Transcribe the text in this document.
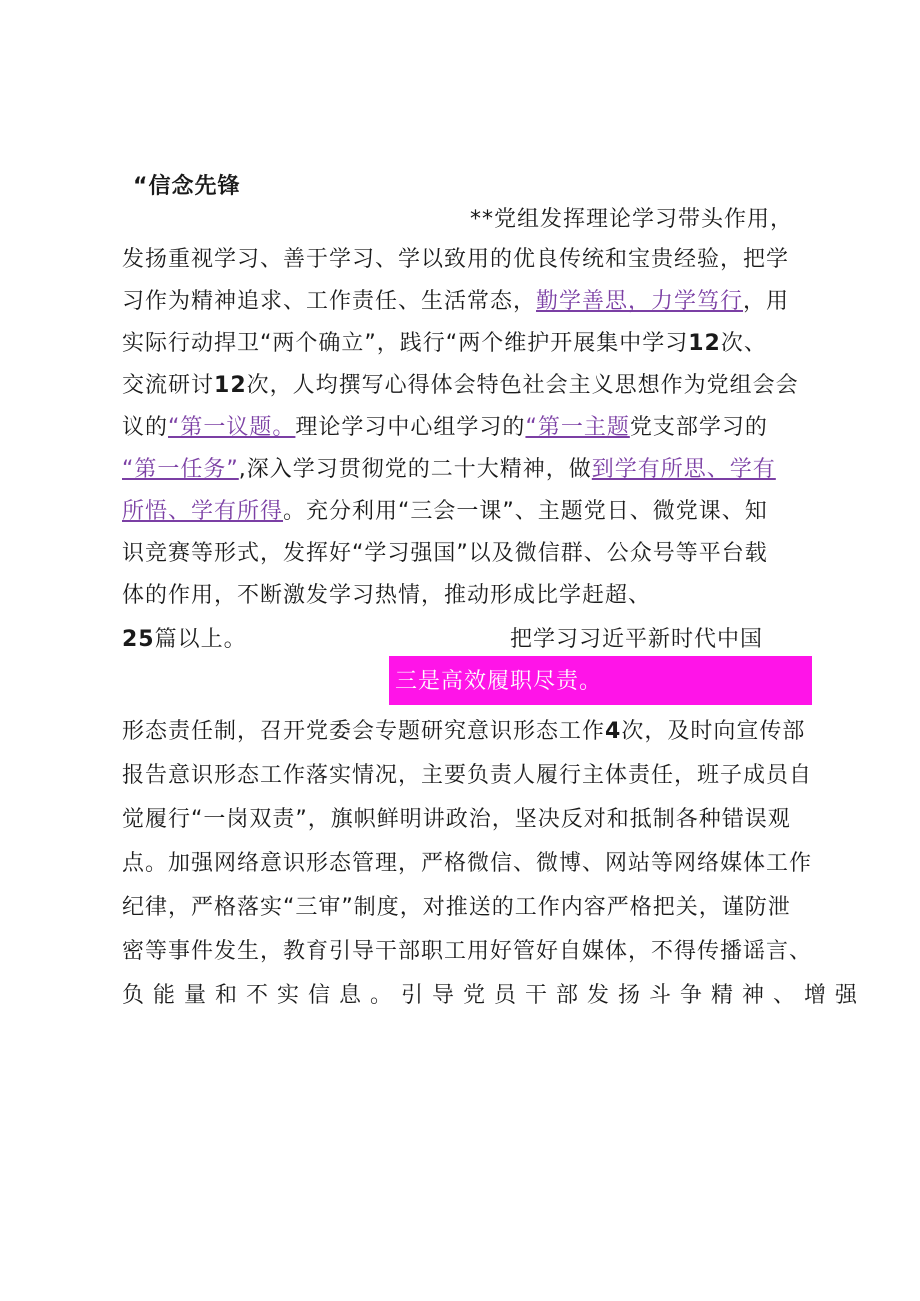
“信念先锋
**党组发挥理论学习带头作用，
发扬重视学习、善于学习、学以致用的优良传统和宝贵经验，把学
习作为精神追求、工作责任、生活常态，勤学善思，力学笃行，用
实际行动捍卫“两个确立”，践行“两个维护开展集中学习12次、
交流研讨12次，人均撰写心得体会特色社会主义思想作为党组会会
议的“第一议题。理论学习中心组学习的“第一主题党支部学习的
“第一任务”,深入学习贯彻党的二十大精神，做到学有所思、学有
所悟、学有所得。充分利用“三会一课”、主题党日、微党课、知
识竞赛等形式，发挥好“学习强国”以及微信群、公众号等平台载
体的作用，不断激发学习热情，推动形成比学赶超、
25篇以上。	把学习习近平新时代中国
三是高效履职尽责。
形态责任制，召开党委会专题研究意识形态工作4次，及时向宣传部
报告意识形态工作落实情况，主要负责人履行主体责任，班子成员自
觉履行“一岗双责”，旗帜鲜明讲政治，坚决反对和抵制各种错误观
点。加强网络意识形态管理，严格微信、微博、网站等网络媒体工作
纪律，严格落实“三审”制度，对推送的工作内容严格把关，谨防泄
密等事件发生，教育引导干部职工用好管好自媒体，不得传播谣言、
负能量和不实信息。引导党员干部发扬斗争精神、增强
